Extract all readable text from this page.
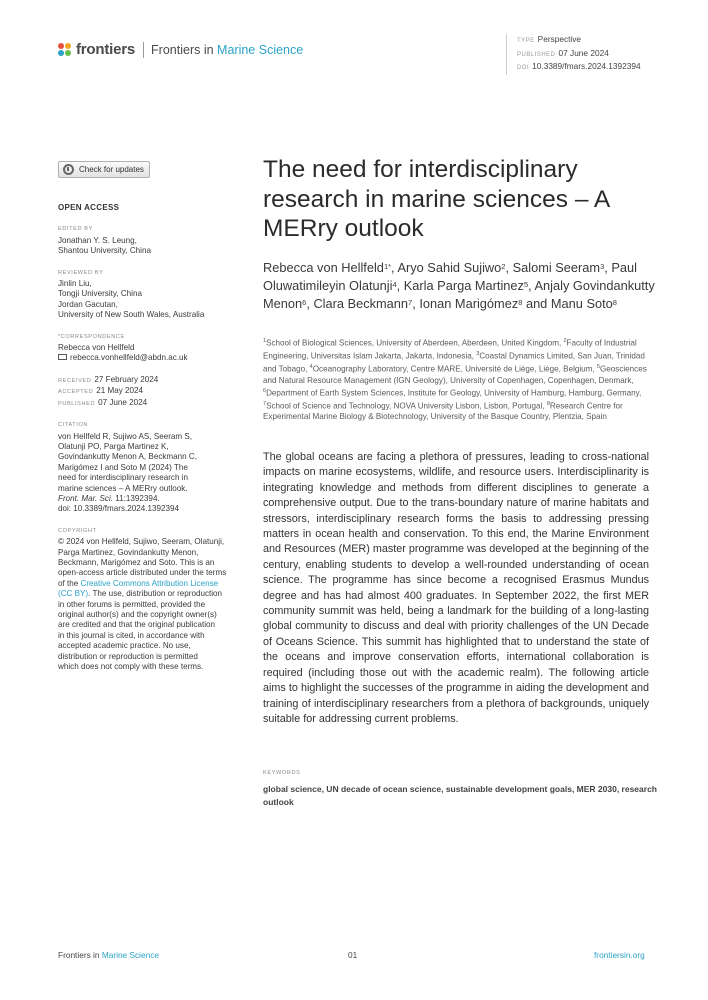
frontiers Frontiers in Marine Science
TYPE Perspective
PUBLISHED 07 June 2024
DOI 10.3389/fmars.2024.1392394
Check for updates
OPEN ACCESS
EDITED BY
Jonathan Y. S. Leung,
Shantou University, China
REVIEWED BY
Jinlin Liu,
Tongji University, China
Jordan Gacutan,
University of New South Wales, Australia
*CORRESPONDENCE
Rebecca von Hellfeld
rebecca.vonhellfeld@abdn.ac.uk
RECEIVED 27 February 2024
ACCEPTED 21 May 2024
PUBLISHED 07 June 2024
CITATION
von Hellfeld R, Sujiwo AS, Seeram S,
Olatunji PO, Parga Martinez K,
Govindankutty Menon A, Beckmann C,
Marigómez I and Soto M (2024) The
need for interdisciplinary research in
marine sciences – A MERry outlook.
Front. Mar. Sci. 11:1392394.
doi: 10.3389/fmars.2024.1392394
COPYRIGHT
© 2024 von Hellfeld, Sujiwo, Seeram, Olatunji,
Parga Martinez, Govindankutty Menon,
Beckmann, Marigómez and Soto. This is an
open-access article distributed under the terms
of the Creative Commons Attribution License
(CC BY). The use, distribution or reproduction
in other forums is permitted, provided the
original author(s) and the copyright owner(s)
are credited and that the original publication
in this journal is cited, in accordance with
accepted academic practice. No use,
distribution or reproduction is permitted
which does not comply with these terms.
The need for interdisciplinary research in marine sciences – A MERry outlook
Rebecca von Hellfeld$^{1*}$, Aryo Sahid Sujiwo$^2$, Salomi Seeram$^3$, Paul Oluwatimileyin Olatunji$^4$, Karla Parga Martinez$^5$, Anjaly Govindankutty Menon$^6$, Clara Beckmann$^7$, Ionan Marigómez$^8$ and Manu Soto$^8$
$^1$School of Biological Sciences, University of Aberdeen, Aberdeen, United Kingdom, $^2$Faculty of Industrial Engineering, Universitas Islam Jakarta, Jakarta, Indonesia, $^3$Coastal Dynamics Limited, San Juan, Trinidad and Tobago, $^4$Oceanography Laboratory, Centre MARE, Université de Liège, Liège, Belgium, $^5$Geosciences and Natural Resource Management (IGN Geology), University of Copenhagen, Copenhagen, Denmark, $^6$Department of Earth System Sciences, Institute for Geology, University of Hamburg, Hamburg, Germany, $^7$School of Science and Technology, NOVA University Lisbon, Lisbon, Portugal, $^8$Research Centre for Experimental Marine Biology & Biotechnology, University of the Basque Country, Plentzia, Spain
The global oceans are facing a plethora of pressures, leading to cross-national impacts on marine ecosystems, wildlife, and resource users. Interdisciplinarity is integrating knowledge and methods from different disciplines to generate a comprehensive output. Due to the trans-boundary nature of marine habitats and stressors, interdisciplinary research forms the basis to addressing pressing matters in ocean health and conservation. To this end, the Marine Environment and Resources (MER) master programme was developed at the beginning of the century, enabling students to develop a well-rounded understanding of ocean science. The programme has since become a recognised Erasmus Mundus degree and has had almost 400 graduates. In September 2022, the first MER community summit was held, being a landmark for the building of a long-lasting global community to discuss and deal with priority challenges of the UN Decade of Oceans Science. This summit has highlighted that to understand the state of the oceans and improve conservation efforts, international collaboration is required (including those out with the academic realm). The following article aims to highlight the successes of the programme in aiding the development and training of interdisciplinary researchers from a plethora of backgrounds, uniquely suitable for addressing current problems.
KEYWORDS
global science, UN decade of ocean science, sustainable development goals, MER 2030, research outlook
Frontiers in Marine Science	01	frontiersin.org
